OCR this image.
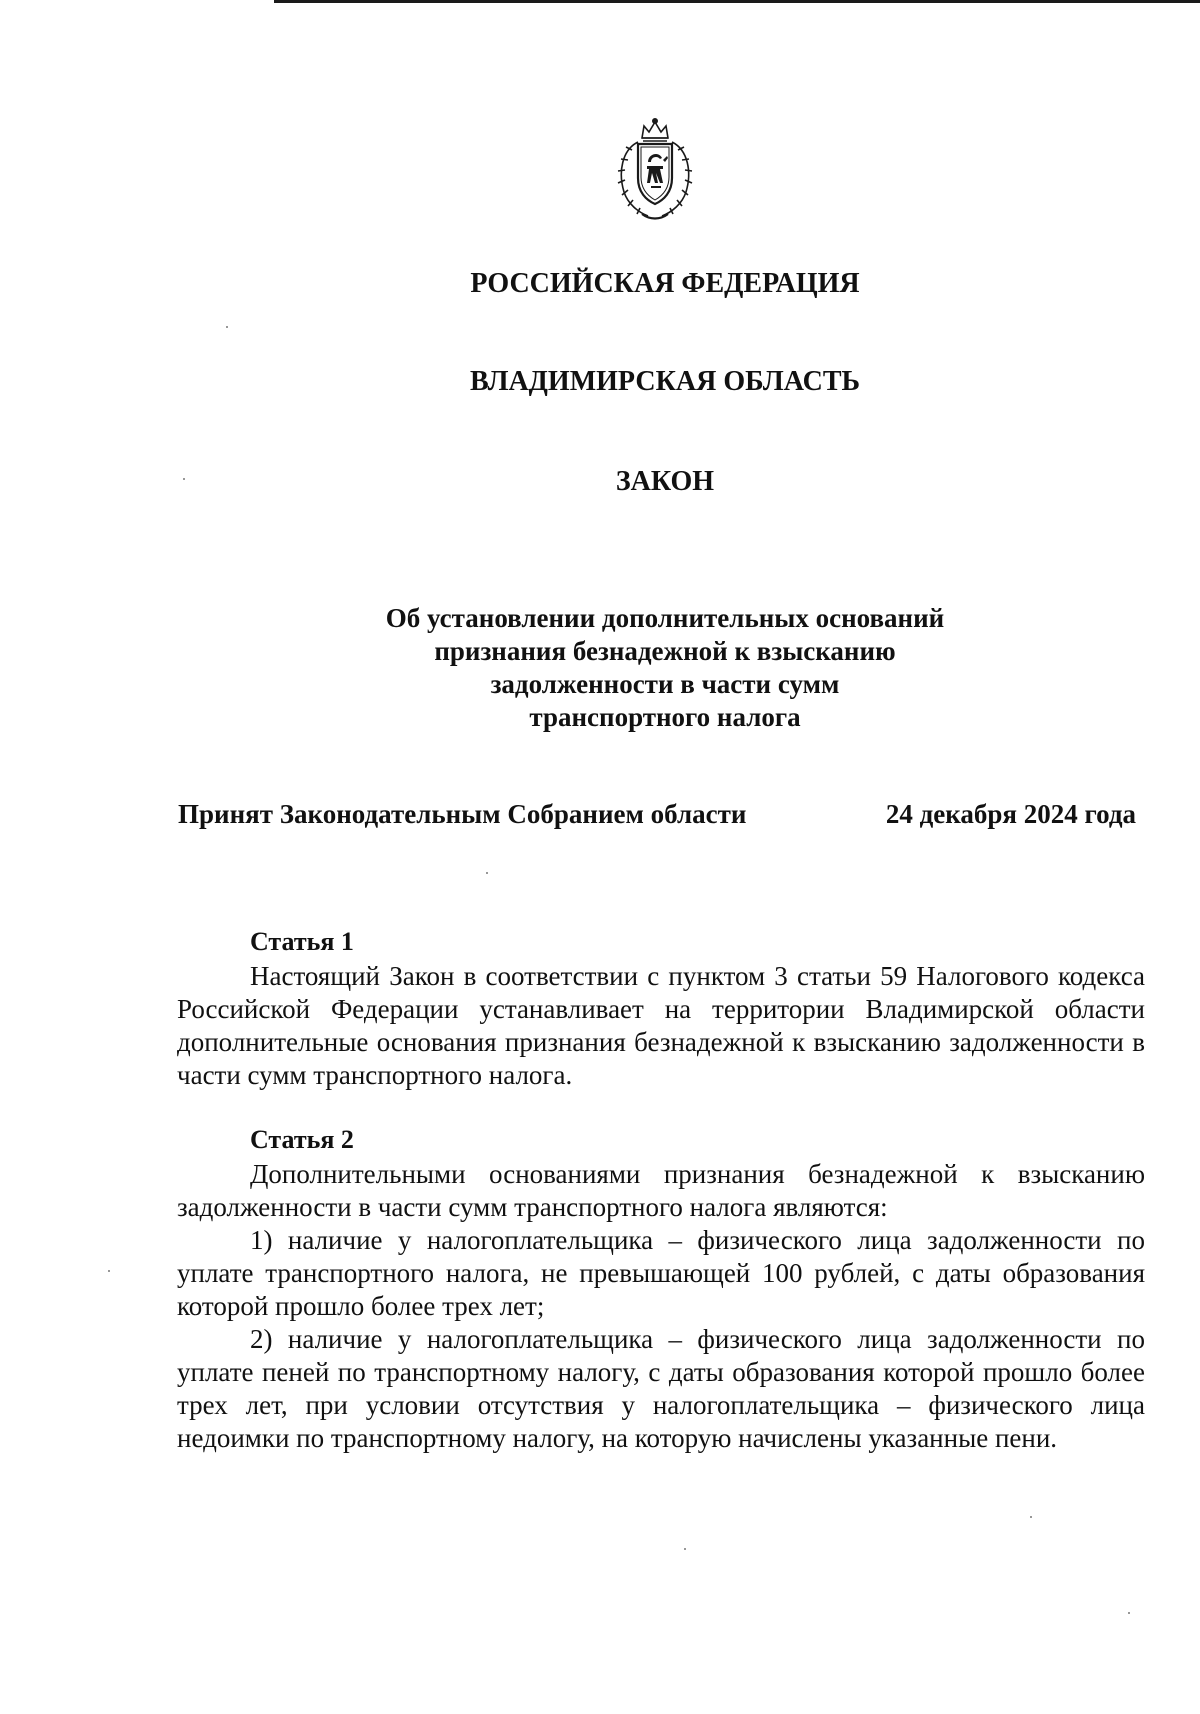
РОССИЙСКАЯ ФЕДЕРАЦИЯ
ВЛАДИМИРСКАЯ ОБЛАСТЬ
ЗАКОН
Об установлении дополнительных оснований
признания безнадежной к взысканию
задолженности в части сумм
транспортного налога
Принят Законодательным Собранием области	24 декабря 2024 года
Статья 1

Настоящий Закон в соответствии с пунктом 3 статьи 59 Налогового кодекса Российской Федерации устанавливает на территории Владимирской области дополнительные основания признания безнадежной к взысканию задолженности в части сумм транспортного налога.

Статья 2

Дополнительными основаниями признания безнадежной к взысканию задолженности в части сумм транспортного налога являются:

1) наличие у налогоплательщика – физического лица задолженности по уплате транспортного налога, не превышающей 100 рублей, с даты образования которой прошло более трех лет;

2) наличие у налогоплательщика – физического лица задолженности по уплате пеней по транспортному налогу, с даты образования которой прошло более трех лет, при условии отсутствия у налогоплательщика – физического лица недоимки по транспортному налогу, на которую начислены указанные пени.
